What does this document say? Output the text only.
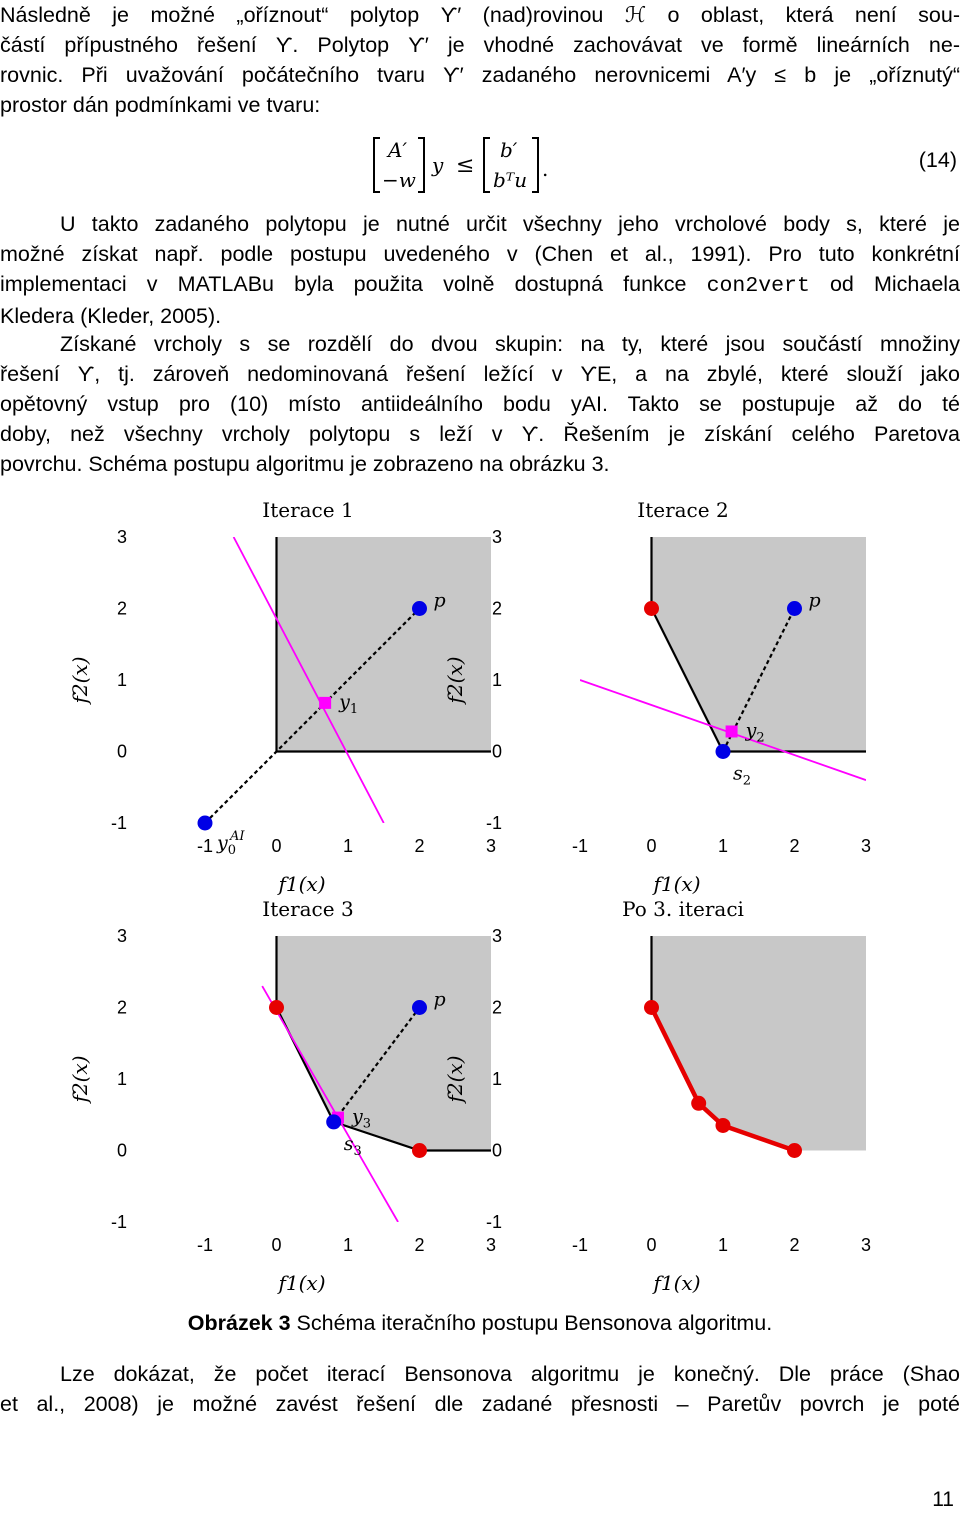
Následně je možné „oříznout“ polytop ϒ′ (nad)rovinou ℋ o oblast, která není sou-
částí přípustného řešení ϒ. Polytop ϒ′ je vhodné zachovávat ve formě lineárních ne-
rovnic. Při uvažování počátečního tvaru ϒ′ zadaného nerovnicemi A′y ≤ b je „oříznutý“
prostor dán podmínkami ve tvaru:
A′
−w
y ≤
b′
bᵀu .	(14)
U takto zadaného polytopu je nutné určit všechny jeho vrcholové body s, které je
možné získat např. podle postupu uvedeného v (Chen et al., 1991). Pro tuto konkrétní
implementaci v MATLABu byla použita volně dostupná funkce con2vert od Michaela
Kledera (Kleder, 2005).
Získané vrcholy s se rozdělí do dvou skupin: na ty, které jsou součástí množiny
řešení ϒ, tj. zároveň nedominovaná řešení ležící v ϒE, a na zbylé, které slouží jako
opětovný vstup pro (10) místo antiideálního bodu yAI. Takto se postupuje až do té
doby, než všechny vrcholy polytopu s leží v ϒ. Řešením je získání celého Paretova
povrchu. Schéma postupu algoritmu je zobrazeno na obrázku 3.
-1	0	1	2	3
-1
0
1
2
3
Iterace 1
f1(x)
f2(x)
p
$y_1$
$y_0AI$	-1	0	1	2	3
-1
0
1
2
3
Iterace 2
f1(x)
f2(x)
p
$y_2$
$s_2$
-1	0	1	2	3
-1
0
1
2
3
Iterace 3
f1(x)
f2(x)
p
$y_3$
$s_3$
-1	0	1	2	3
-1
0
1
2
3
Po 3. iteraci
f1(x)
f2(x)
Obrázek 3 Schéma iteračního postupu Bensonova algoritmu.
Lze dokázat, že počet iterací Bensonova algoritmu je konečný. Dle práce (Shao
et al., 2008) je možné zavést řešení dle zadané přesnosti – Paretův povrch je poté
11
